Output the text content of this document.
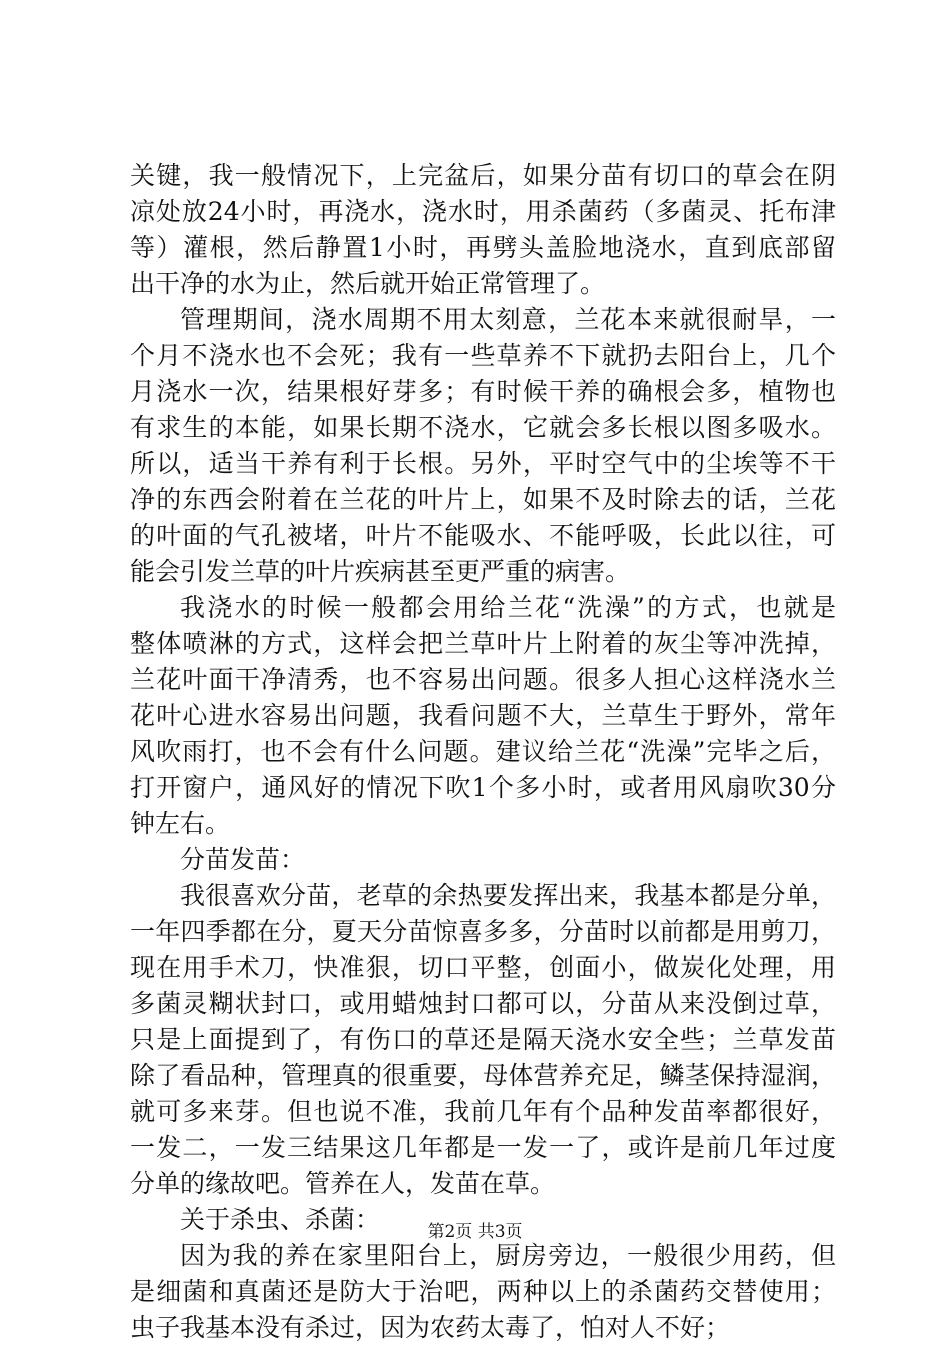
关键，我一般情况下，上完盆后，如果分苗有切口的草会在阴
凉处放24小时，再浇水，浇水时，用杀菌药（多菌灵、托布津
等）灌根，然后静置1小时，再劈头盖脸地浇水，直到底部留
出干净的水为止，然后就开始正常管理了。
管理期间，浇水周期不用太刻意，兰花本来就很耐旱，一
个月不浇水也不会死；我有一些草养不下就扔去阳台上，几个
月浇水一次，结果根好芽多；有时候干养的确根会多，植物也
有求生的本能，如果长期不浇水，它就会多长根以图多吸水。
所以，适当干养有利于长根。另外，平时空气中的尘埃等不干
净的东西会附着在兰花的叶片上，如果不及时除去的话，兰花
的叶面的气孔被堵，叶片不能吸水、不能呼吸，长此以往，可
能会引发兰草的叶片疾病甚至更严重的病害。
我浇水的时候一般都会用给兰花“洗澡”的方式，也就是
整体喷淋的方式，这样会把兰草叶片上附着的灰尘等冲洗掉，
兰花叶面干净清秀，也不容易出问题。很多人担心这样浇水兰
花叶心进水容易出问题，我看问题不大，兰草生于野外，常年
风吹雨打，也不会有什么问题。建议给兰花“洗澡”完毕之后，
打开窗户，通风好的情况下吹1个多小时，或者用风扇吹30分
钟左右。
分苗发苗：
我很喜欢分苗，老草的余热要发挥出来，我基本都是分单，
一年四季都在分，夏天分苗惊喜多多，分苗时以前都是用剪刀，
现在用手术刀，快准狠，切口平整，创面小，做炭化处理，用
多菌灵糊状封口，或用蜡烛封口都可以，分苗从来没倒过草，
只是上面提到了，有伤口的草还是隔天浇水安全些；兰草发苗
除了看品种，管理真的很重要，母体营养充足，鳞茎保持湿润，
就可多来芽。但也说不准，我前几年有个品种发苗率都很好，
一发二，一发三结果这几年都是一发一了，或许是前几年过度
分单的缘故吧。管养在人，发苗在草。
关于杀虫、杀菌：
因为我的养在家里阳台上，厨房旁边，一般很少用药，但
是细菌和真菌还是防大于治吧，两种以上的杀菌药交替使用；
虫子我基本没有杀过，因为农药太毒了，怕对人不好；
第2页 共3页
